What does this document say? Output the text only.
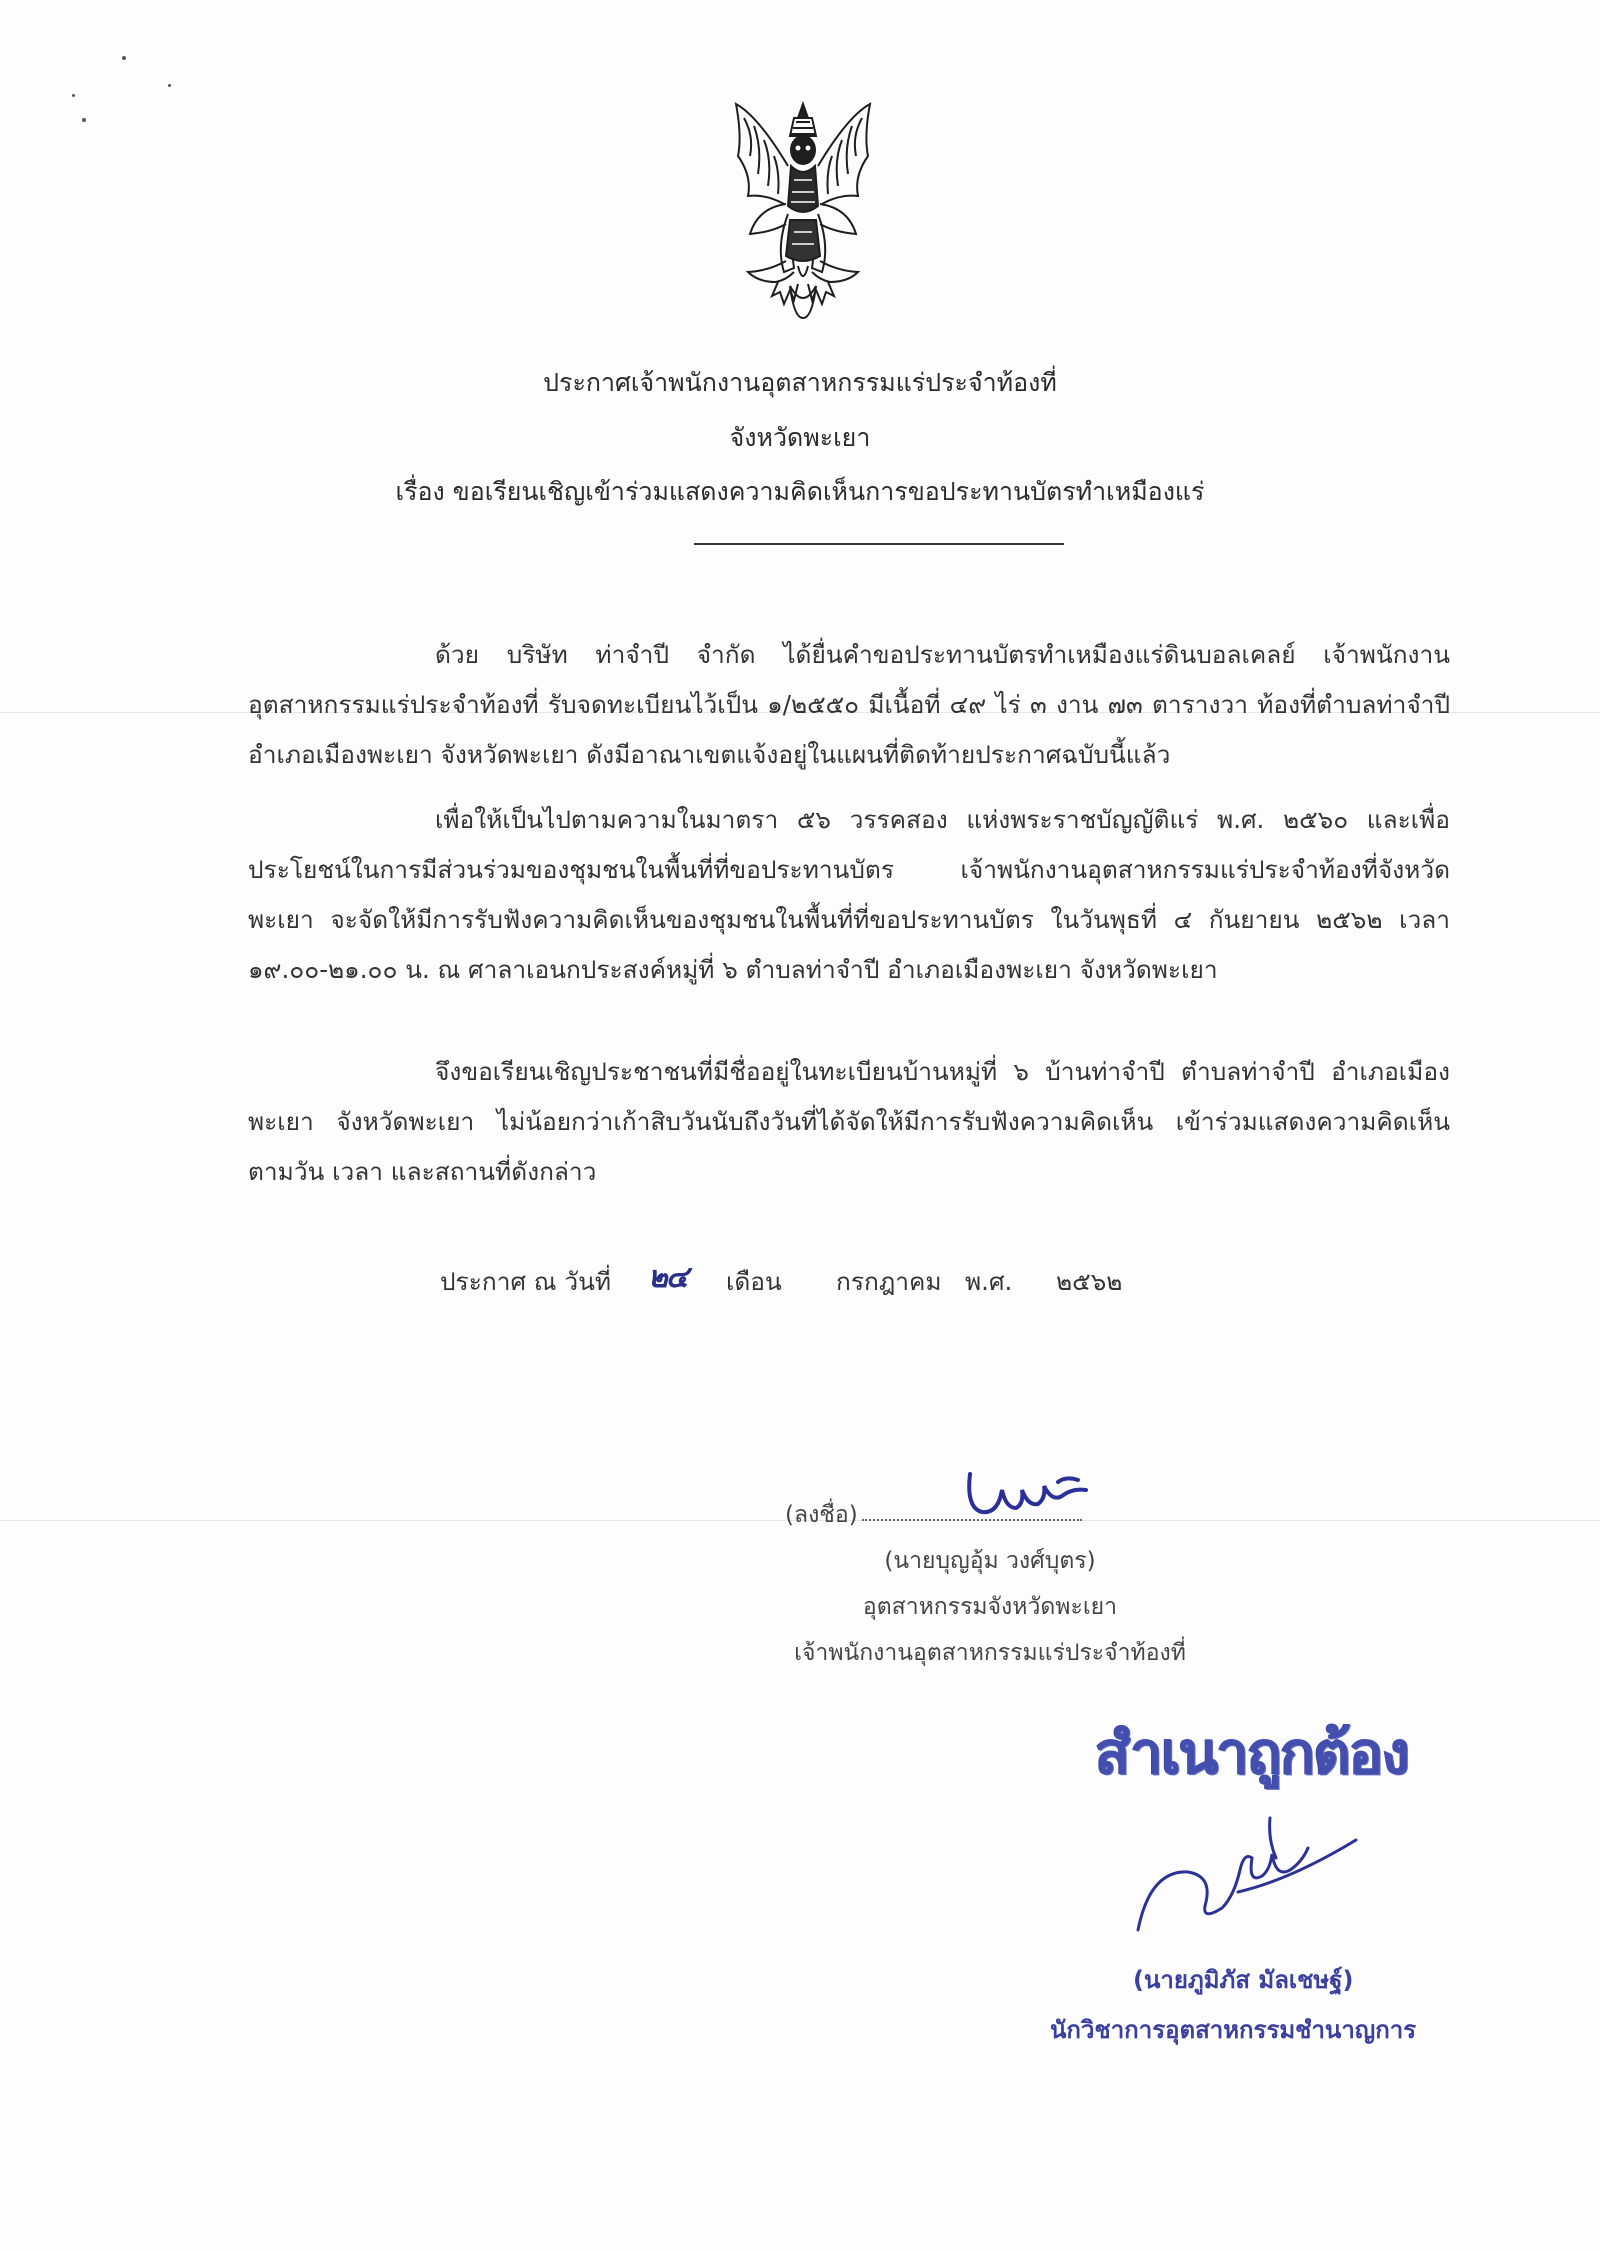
ประกาศเจ้าพนักงานอุตสาหกรรมแร่ประจำท้องที่
จังหวัดพะเยา
เรื่อง ขอเรียนเชิญเข้าร่วมแสดงความคิดเห็นการขอประทานบัตรทำเหมืองแร่
ด้วย บริษัท ท่าจำปี จำกัด ได้ยื่นคำขอประทานบัตรทำเหมืองแร่ดินบอลเคลย์ เจ้าพนักงานอุตสาหกรรมแร่ประจำท้องที่ รับจดทะเบียนไว้เป็น ๑/๒๕๕๐ มีเนื้อที่ ๔๙ ไร่ ๓ งาน ๗๓ ตารางวา ท้องที่ตำบลท่าจำปี อำเภอเมืองพะเยา จังหวัดพะเยา ดังมีอาณาเขตแจ้งอยู่ในแผนที่ติดท้ายประกาศฉบับนี้แล้ว
เพื่อให้เป็นไปตามความในมาตรา ๕๖ วรรคสอง แห่งพระราชบัญญัติแร่ พ.ศ. ๒๕๖๐ และเพื่อประโยชน์ในการมีส่วนร่วมของชุมชนในพื้นที่ที่ขอประทานบัตร เจ้าพนักงานอุตสาหกรรมแร่ประจำท้องที่จังหวัดพะเยา จะจัดให้มีการรับฟังความคิดเห็นของชุมชนในพื้นที่ที่ขอประทานบัตร ในวันพุธที่ ๔ กันยายน ๒๕๖๒ เวลา ๑๙.๐๐-๒๑.๐๐ น. ณ ศาลาเอนกประสงค์หมู่ที่ ๖ ตำบลท่าจำปี อำเภอเมืองพะเยา จังหวัดพะเยา
จึงขอเรียนเชิญประชาชนที่มีชื่ออยู่ในทะเบียนบ้านหมู่ที่ ๖ บ้านท่าจำปี ตำบลท่าจำปี อำเภอเมืองพะเยา จังหวัดพะเยา ไม่น้อยกว่าเก้าสิบวันนับถึงวันที่ได้จัดให้มีการรับฟังความคิดเห็น เข้าร่วมแสดงความคิดเห็นตามวัน เวลา และสถานที่ดังกล่าว
ประกาศ ณ วันที่ ๒๔ เดือน กรกฎาคม พ.ศ. ๒๕๖๒
(ลงชื่อ)
(นายบุญอุ้ม วงศ์บุตร)
อุตสาหกรรมจังหวัดพะเยา
เจ้าพนักงานอุตสาหกรรมแร่ประจำท้องที่
สำเนาถูกต้อง
(นายภูมิภัส มัลเชษฐ์)
นักวิชาการอุตสาหกรรมชำนาญการ
